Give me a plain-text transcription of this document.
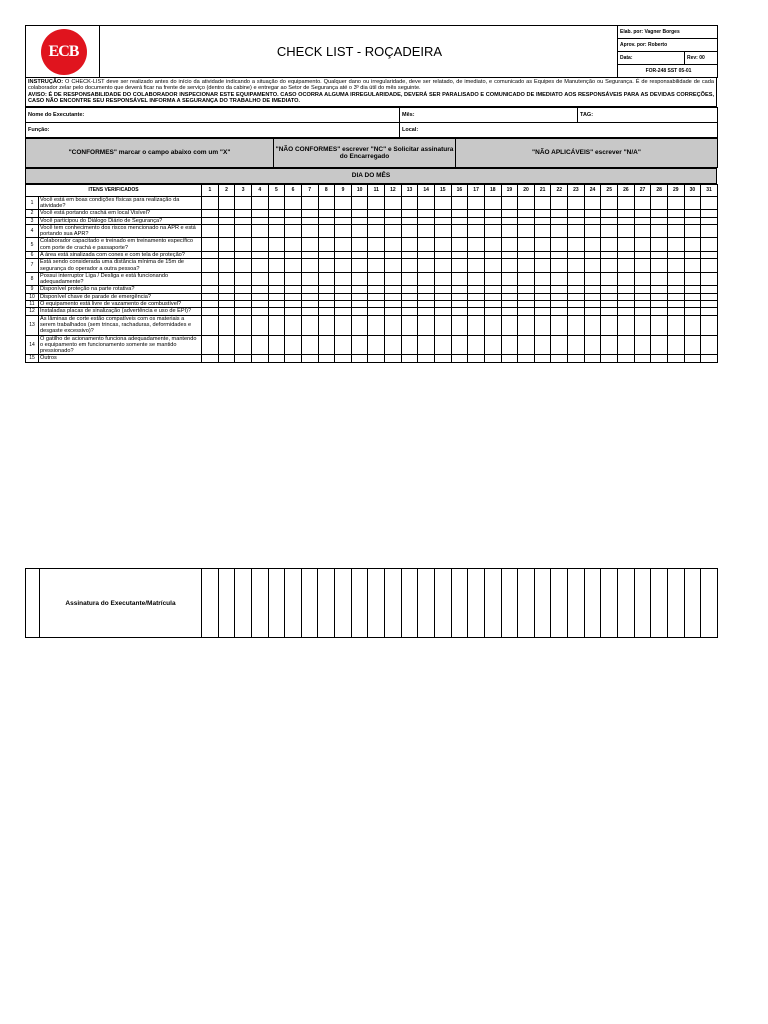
ECB	CHECK LIST - ROÇADEIRA	Elab. por: Vagner Borges	
		Aprov. por: Roberto	
		Data:	Rev: 00
		FOR-248 SST 05-01	
INSTRUÇÃO: O CHECK-LIST deve ser realizado antes do início da atividade indicando a situação do equipamento. Qualquer dano ou irregularidade, deve ser relatado, de imediato, e comunicado as Equipes de Manutenção ou Segurança. É de responsabilidade de cada colaborador zelar pelo documento que deverá ficar na frente de serviço (dentro da cabine) e entregar ao Setor de Segurança até o 3º dia útil do mês seguinte.
AVISO: É DE RESPONSABILIDADE DO COLABORADOR INSPECIONAR ESTE EQUIPAMENTO. CASO OCORRA ALGUMA IRREGULARIDADE, DEVERÁ SER PARALISADO E COMUNICADO DE IMEDIATO AOS RESPONSÁVEIS PARA AS DEVIDAS CORREÇÕES, CASO NÃO ENCONTRE SEU RESPONSÁVEL INFORMA A SEGURANÇA DO TRABALHO DE IMEDIATO.
Nome do Executante:	Mês:	TAG:
Função:	Local:	
"CONFORMES" marcar o campo abaixo com um "X"	"NÃO CONFORMES" escrever "NC" e Solicitar assinatura do Encarregado	"NÃO APLICÁVEIS" escrever "N/A"
DIA DO MÊS
ITENS VERIFICADOS		1	2	3	4	5	6	7	8	9	10	11	12	13	14	15	16	17	18	19	20	21	22	23	24	25	26	27	28	29	30	31
1	Você está em boas condições físicas para realização da atividade?																															
2	Você está portando crachá em local Visível?																															
3	Você participou do Diálogo Diário de Segurança?																															
4	Você tem conhecimento dos riscos mencionado na APR e está portando sua APR?																															
5	Colaborador capacitado e treinado em treinamento específico com porte de crachá e passaporte?																															
6	A área está sinalizada com cones e com tela de proteção?																															
7	Está sendo considerada uma distância mínima de 15m de segurança do operador a outra pessoa?																															
8	Possui interruptor Liga / Desliga e está funcionando adequadamente?																															
9	Disponível proteção na parte rotativa?																															
10	Disponível chave de parade de emergência?																															
11	O equipamento está livre de vazamento de combustível?																															
12	Instaladas placas de sinalização (advertência e uso de EPI)?																															
13	As lâminas de corte estão compatíveis com os materiais a serem trabalhados (sem trincas, rachaduras, deformidades e desgaste excessivo)?																															
14	O gatilho de acionamento funciona adequadamente, mantendo o equipamento em funcionamento somente se mantido pressionado?																															
15	Outros																															
	Assinatura do Executante/Matrícula																															
